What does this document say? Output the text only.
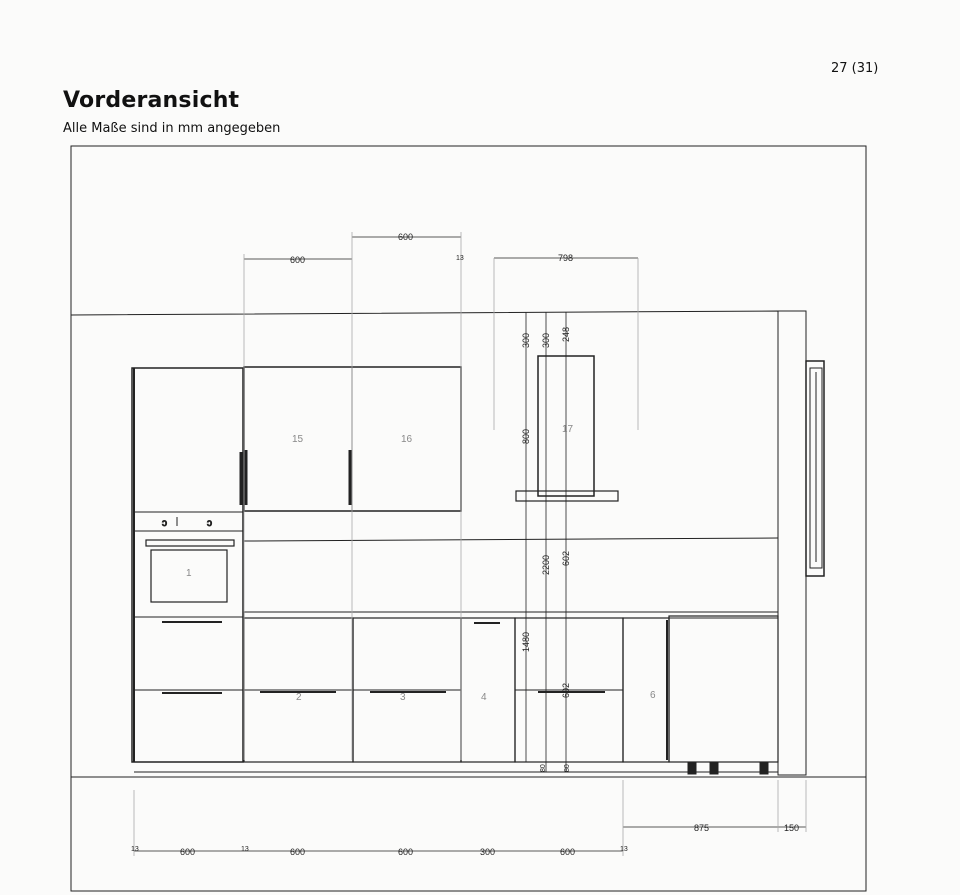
27 (31)
Vorderansicht
Alle Maße sind in mm angegeben
ɔ	ɔ
600
600
13	798
300 300 248
800
2200 602
1480
602
80 80
13	600	13	600	600	300	600	13
875	150
15	16
17
1
2	3	4	6
